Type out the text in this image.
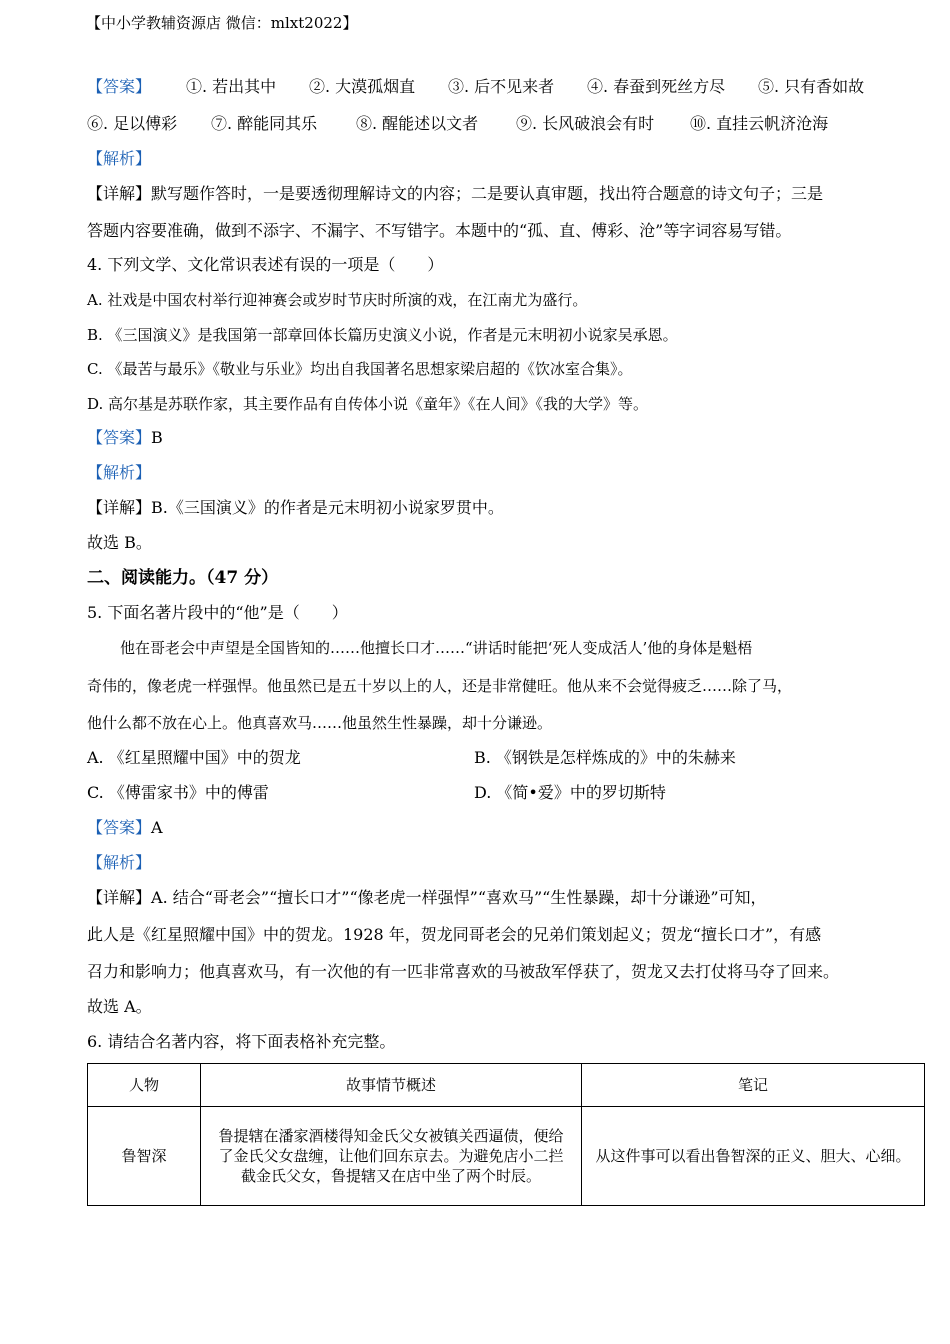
【中小学教辅资源店 微信：mlxt2022】
【答案】 ①. 若出其中 ②. 大漠孤烟直 ③. 后不见来者 ④. 春蚕到死丝方尽 ⑤. 只有香如故
⑥. 足以傅彩 ⑦. 醉能同其乐 ⑧. 醒能述以文者 ⑨. 长风破浪会有时 ⑩. 直挂云帆济沧海
【解析】
【详解】默写题作答时，一是要透彻理解诗文的内容；二是要认真审题，找出符合题意的诗文句子；三是
答题内容要准确，做到不添字、不漏字、不写错字。本题中的“孤、直、傅彩、沧”等字词容易写错。
4. 下列文学、文化常识表述有误的一项是（　　）
A. 社戏是中国农村举行迎神赛会或岁时节庆时所演的戏，在江南尤为盛行。
B. 《三国演义》是我国第一部章回体长篇历史演义小说，作者是元末明初小说家吴承恩。
C. 《最苦与最乐》《敬业与乐业》均出自我国著名思想家梁启超的《饮冰室合集》。
D. 高尔基是苏联作家，其主要作品有自传体小说《童年》《在人间》《我的大学》等。
【答案】B
【解析】
【详解】B.《三国演义》的作者是元末明初小说家罗贯中。
故选 B。
二、阅读能力。（47 分）
5. 下面名著片段中的“他”是（　　）
他在哥老会中声望是全国皆知的……他擅长口才……“讲话时能把‘死人变成活人’他的身体是魁梧
奇伟的，像老虎一样强悍。他虽然已是五十岁以上的人，还是非常健旺。他从来不会觉得疲乏……除了马，
他什么都不放在心上。他真喜欢马……他虽然生性暴躁，却十分谦逊。
A. 《红星照耀中国》中的贺龙	B. 《钢铁是怎样炼成的》中的朱赫来
C. 《傅雷家书》中的傅雷	D. 《简•爱》中的罗切斯特
【答案】A
【解析】
【详解】A. 结合“哥老会”“擅长口才”“像老虎一样强悍”“喜欢马”“生性暴躁，却十分谦逊”可知，
此人是《红星照耀中国》中的贺龙。1928 年，贺龙同哥老会的兄弟们策划起义；贺龙“擅长口才”，有感
召力和影响力；他真喜欢马，有一次他的有一匹非常喜欢的马被敌军俘获了，贺龙又去打仗将马夺了回来。
故选 A。
6. 请结合名著内容，将下面表格补充完整。
人物	故事情节概述	笔记
鲁智深	鲁提辖在潘家酒楼得知金氏父女被镇关西逼债，便给了金氏父女盘缠，让他们回东京去。为避免店小二拦截金氏父女，鲁提辖又在店中坐了两个时辰。	从这件事可以看出鲁智深的正义、胆大、心细。
